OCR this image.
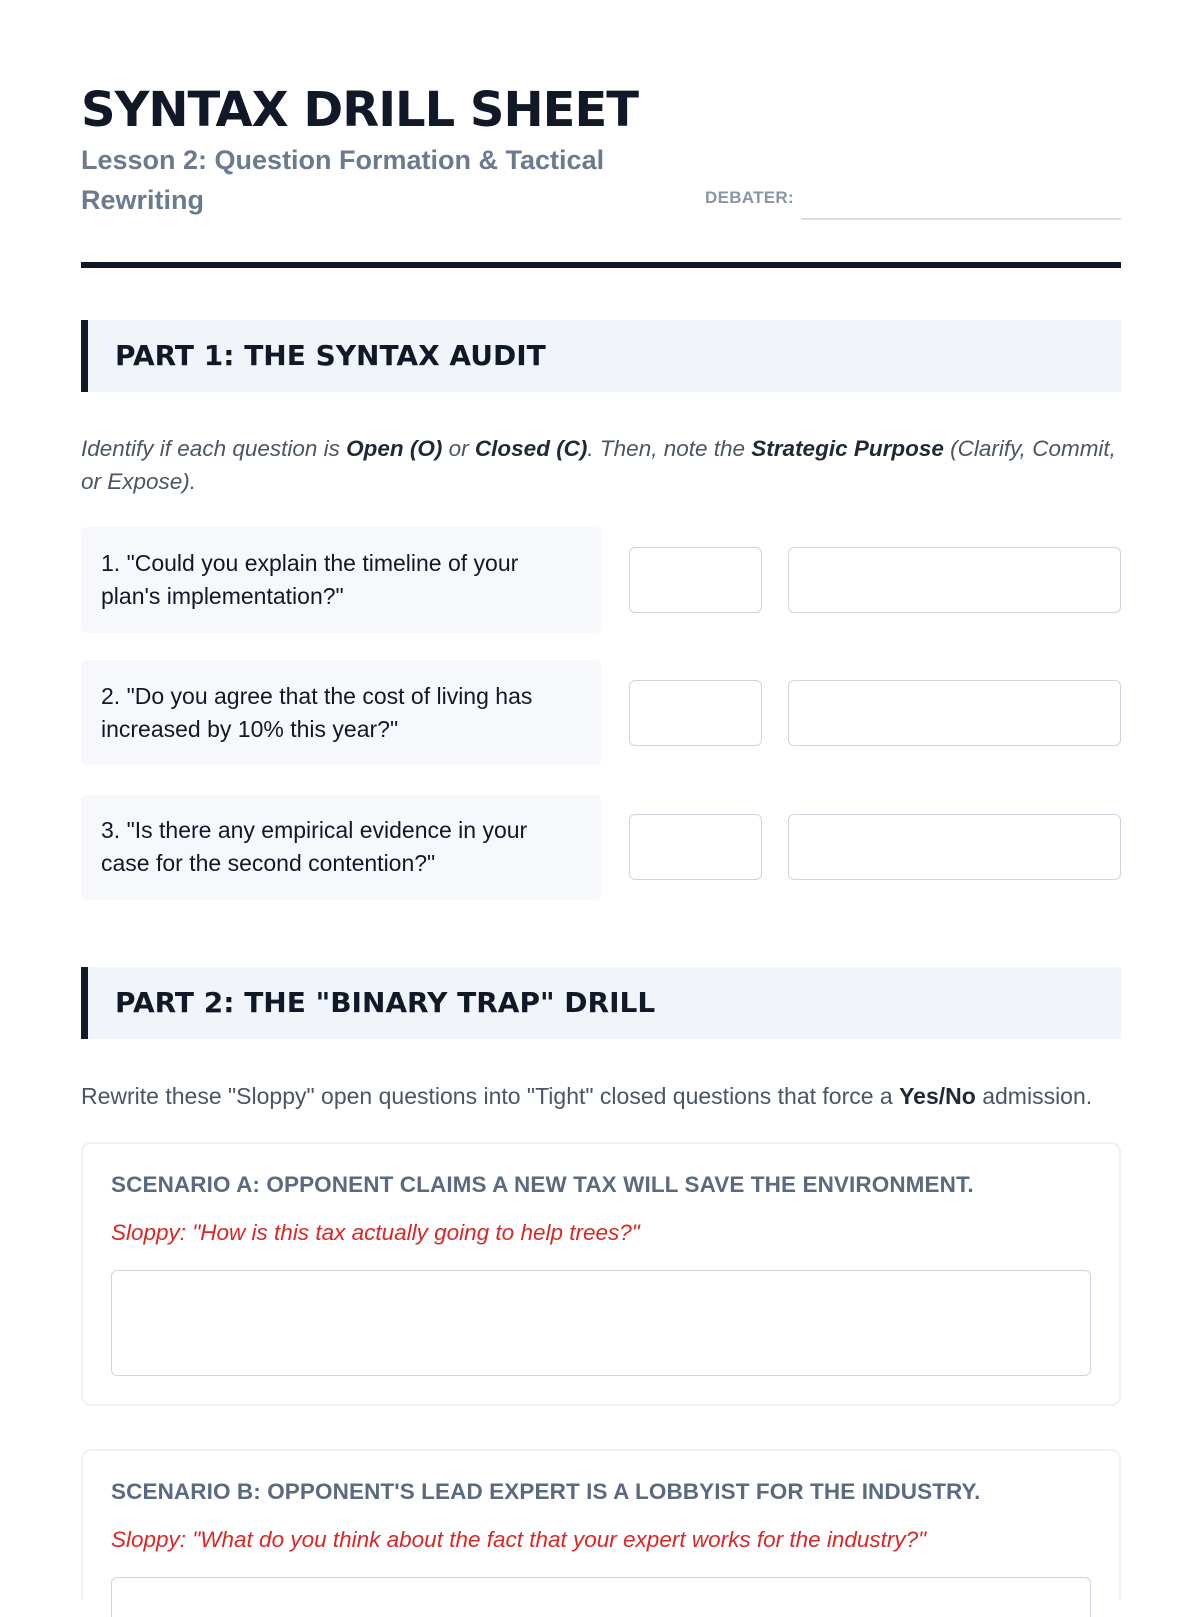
SYNTAX DRILL SHEET
Lesson 2: Question Formation & Tactical Rewriting	DEBATER:
PART 1: THE SYNTAX AUDIT
Identify if each question is Open (O) or Closed (C). Then, note the Strategic Purpose (Clarify, Commit, or Expose).
1. "Could you explain the timeline of your plan's implementation?"
2. "Do you agree that the cost of living has increased by 10% this year?"
3. "Is there any empirical evidence in your case for the second contention?"
PART 2: THE "BINARY TRAP" DRILL
Rewrite these "Sloppy" open questions into "Tight" closed questions that force a Yes/No admission.
SCENARIO A: OPPONENT CLAIMS A NEW TAX WILL SAVE THE ENVIRONMENT.
Sloppy: "How is this tax actually going to help trees?"
SCENARIO B: OPPONENT'S LEAD EXPERT IS A LOBBYIST FOR THE INDUSTRY.
Sloppy: "What do you think about the fact that your expert works for the industry?"
